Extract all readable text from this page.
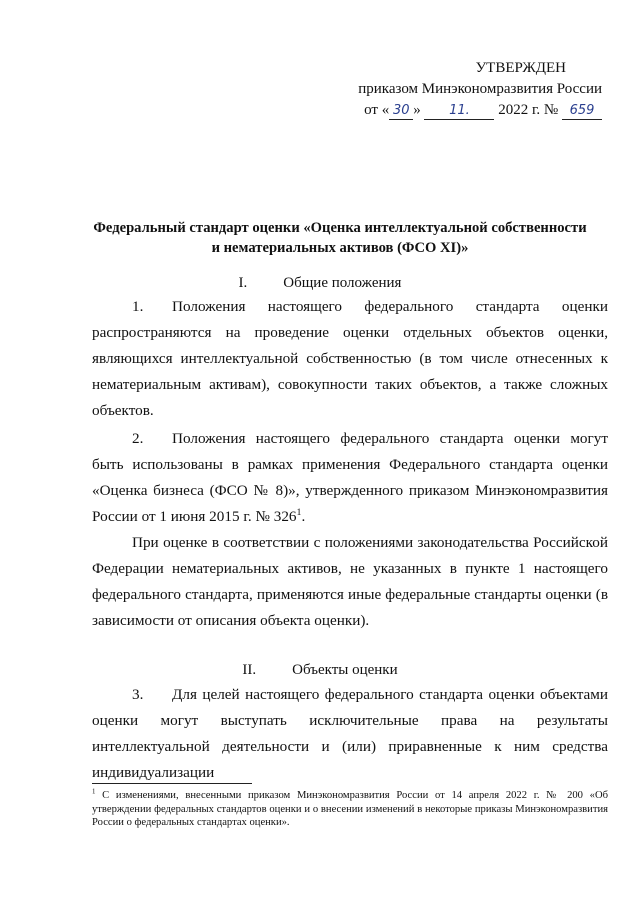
УТВЕРЖДЕН
приказом Минэкономразвития России
от « 30 » 11. 2022 г. № 659
Федеральный стандарт оценки «Оценка интеллектуальной собственности
и нематериальных активов (ФСО XI)»
I. Общие положения
1. Положения настоящего федерального стандарта оценки распространяются на проведение оценки отдельных объектов оценки, являющихся интеллектуальной собственностью (в том числе отнесенных к нематериальным активам), совокупности таких объектов, а также сложных объектов.
2. Положения настоящего федерального стандарта оценки могут быть использованы в рамках применения Федерального стандарта оценки «Оценка бизнеса (ФСО № 8)», утвержденного приказом Минэкономразвития России от 1 июня 2015 г. № $326^1$.
При оценке в соответствии с положениями законодательства Российской Федерации нематериальных активов, не указанных в пункте 1 настоящего федерального стандарта, применяются иные федеральные стандарты оценки (в зависимости от описания объекта оценки).
II. Объекты оценки
3. Для целей настоящего федерального стандарта оценки объектами оценки могут выступать исключительные права на результаты интеллектуальной деятельности и (или) приравненные к ним средства индивидуализации
$^1$ С изменениями, внесенными приказом Минэкономразвития России от 14 апреля 2022 г. № 200 «Об утверждении федеральных стандартов оценки и о внесении изменений в некоторые приказы Минэкономразвития России о федеральных стандартах оценки».
